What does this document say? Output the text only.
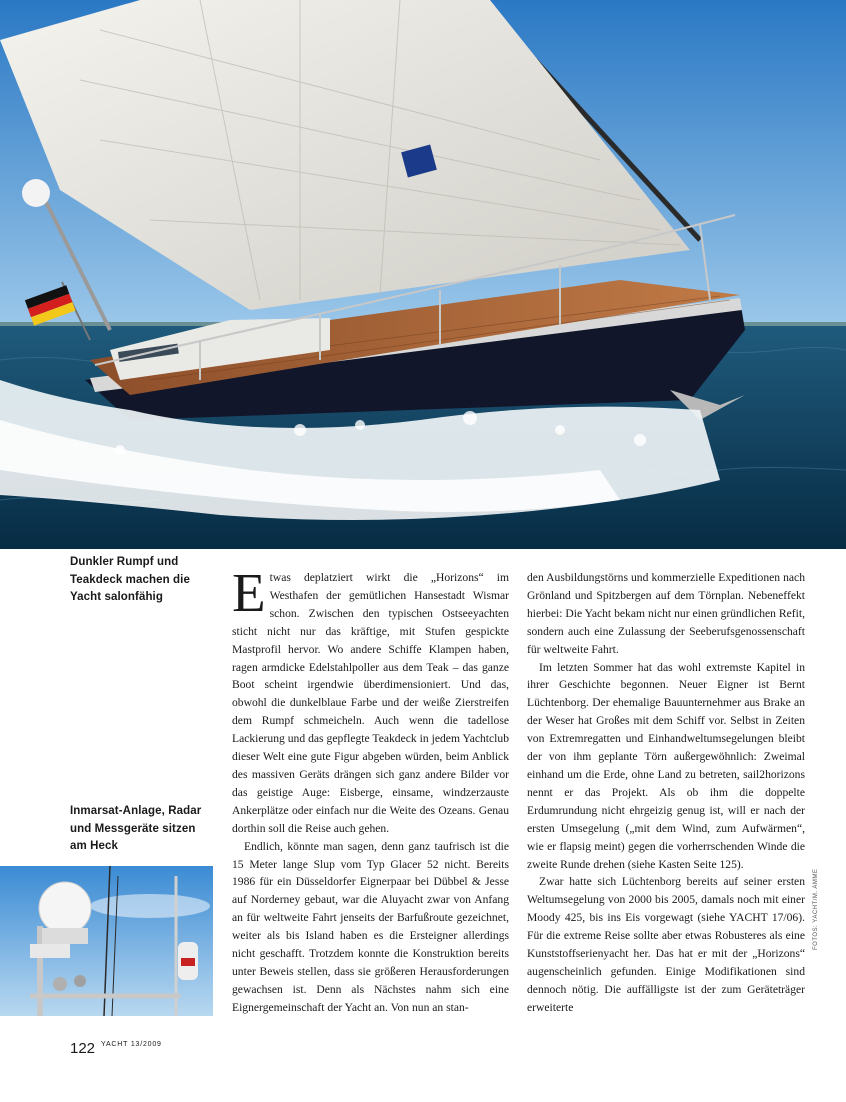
Dunkler Rumpf und

Teakdeck machen die

Yacht salonfähig

Inmarsat-Anlage, Radar

und Messgeräte sitzen

am Heck

Etwas deplatziert wirkt die „Horizons“ im Westhafen der gemütlichen Hansestadt Wismar schon. Zwischen den typischen Ostseeyachten sticht nicht nur das kräftige, mit Stufen gespickte Mastprofil hervor. Wo andere Schiffe Klampen haben, ragen armdicke Edelstahlpoller aus dem Teak – das ganze Boot scheint irgendwie überdimensioniert. Und das, obwohl die dunkelblaue Farbe und der weiße Zierstreifen dem Rumpf schmeicheln. Auch wenn die tadellose Lackierung und das gepflegte Teakdeck in jedem Yachtclub dieser Welt eine gute Figur abgeben würden, beim Anblick des massiven Geräts drängen sich ganz andere Bilder vor das geistige Auge: Eisberge, einsame, windzerzauste Ankerplätze oder einfach nur die Weite des Ozeans. Genau dorthin soll die Reise auch gehen.

Endlich, könnte man sagen, denn ganz taufrisch ist die 15 Meter lange Slup vom Typ Glacer 52 nicht. Bereits 1986 für ein Düsseldorfer Eignerpaar bei Dübbel & Jesse auf Norderney gebaut, war die Aluyacht zwar von Anfang an für weltweite Fahrt jenseits der Barfußroute gezeichnet, weiter als bis Island haben es die Ersteigner allerdings nicht geschafft. Trotzdem konnte die Konstruktion bereits unter Beweis stellen, dass sie größeren Herausforderungen gewachsen ist. Denn als Nächstes nahm sich eine Eignergemeinschaft der Yacht an. Von nun an stan-

den Ausbildungstörns und kommerzielle Expeditionen nach Grönland und Spitzbergen auf dem Törnplan. Nebeneffekt hierbei: Die Yacht bekam nicht nur einen gründlichen Refit, sondern auch eine Zulassung der Seeberufsgenossenschaft für weltweite Fahrt.

Im letzten Sommer hat das wohl extremste Kapitel in ihrer Geschichte begonnen. Neuer Eigner ist Bernt Lüchtenborg. Der ehemalige Bauunternehmer aus Brake an der Weser hat Großes mit dem Schiff vor. Selbst in Zeiten von Extremregatten und Einhandweltumsegelungen bleibt der von ihm geplante Törn außergewöhnlich: Zweimal einhand um die Erde, ohne Land zu betreten, sail2horizons nennt er das Projekt. Als ob ihm die doppelte Erdumrundung nicht ehrgeizig genug ist, will er nach der ersten Umsegelung („mit dem Wind, zum Aufwärmen“, wie er flapsig meint) gegen die vorherrschenden Winde die zweite Runde drehen (siehe Kasten Seite 125).

Zwar hatte sich Lüchtenborg bereits auf seiner ersten Weltumsegelung von 2000 bis 2005, damals noch mit einer Moody 425, bis ins Eis vorgewagt (siehe YACHT 17/06). Für die extreme Reise sollte aber etwas Robusteres als eine Kunststoffserienyacht her. Das hat er mit der „Horizons“ augenscheinlich gefunden. Einige Modifikationen sind dennoch nötig. Die auffälligste ist der zum Geräteträger erweiterte

FOTOS: YACHT/M. AMME
122 YACHT 13/2009
